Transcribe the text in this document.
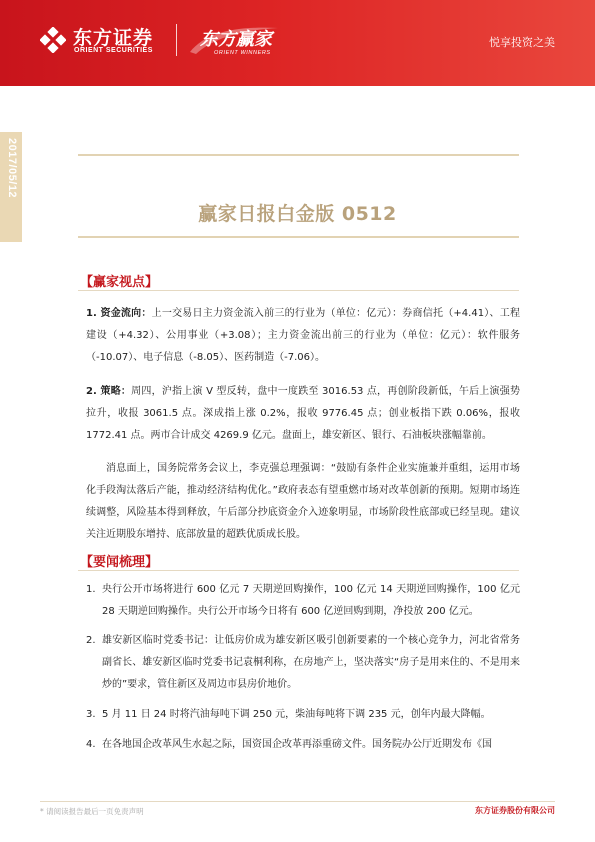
东方证券
ORIENT SECURITIES
东方赢家
ORIENT WINNERS
悦享投资之美
2017/05/12
赢家日报白金版 0512
【赢家视点】
1. 资金流向：上一交易日主力资金流入前三的行业为（单位：亿元）：券商信托（+4.41）、工程建设（+4.32）、公用事业（+3.08）；主力资金流出前三的行业为（单位：亿元）：软件服务（-10.07）、电子信息（-8.05）、医药制造（-7.06）。
2. 策略：周四，沪指上演 V 型反转，盘中一度跌至 3016.53 点，再创阶段新低，午后上演强势拉升，收报 3061.5 点。深成指上涨 0.2%，报收 9776.45 点；创业板指下跌 0.06%，报收 1772.41 点。两市合计成交 4269.9 亿元。盘面上，雄安新区、银行、石油板块涨幅靠前。
消息面上，国务院常务会议上，李克强总理强调：“鼓励有条件企业实施兼并重组，运用市场化手段淘汰落后产能，推动经济结构优化。”政府表态有望重燃市场对改革创新的预期。短期市场连续调整，风险基本得到释放，午后部分抄底资金介入迹象明显，市场阶段性底部或已经呈现。建议关注近期股东增持、底部放量的超跌优质成长股。
【要闻梳理】
1. 央行公开市场将进行 600 亿元 7 天期逆回购操作，100 亿元 14 天期逆回购操作，100 亿元 28 天期逆回购操作。央行公开市场今日将有 600 亿逆回购到期，净投放 200 亿元。
2. 雄安新区临时党委书记：让低房价成为雄安新区吸引创新要素的一个核心竞争力，河北省常务副省长、雄安新区临时党委书记袁桐利称，在房地产上，坚决落实“房子是用来住的、不是用来炒的”要求，管住新区及周边市县房价地价。
3. 5 月 11 日 24 时将汽油每吨下调 250 元，柴油每吨将下调 235 元，创年内最大降幅。
4. 在各地国企改革风生水起之际，国资国企改革再添重磅文件。国务院办公厅近期发布《国
* 请阅读报告最后一页免责声明	东方证券股份有限公司
